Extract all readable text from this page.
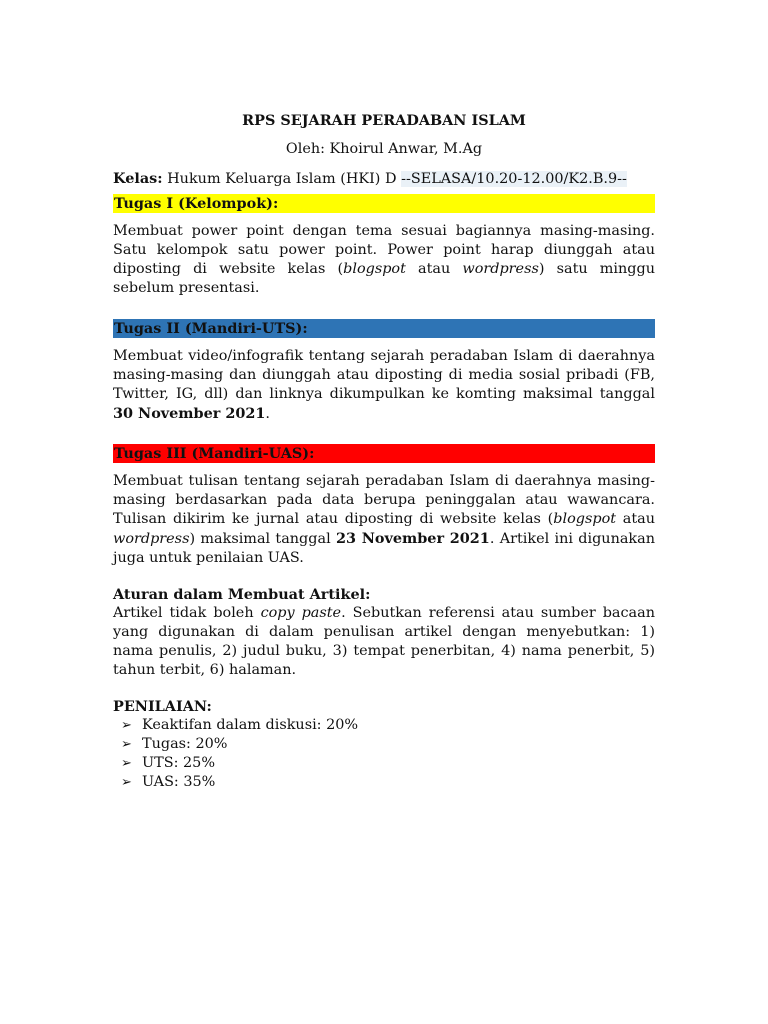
RPS SEJARAH PERADABAN ISLAM
Oleh: Khoirul Anwar, M.Ag
Kelas: Hukum Keluarga Islam (HKI) D --SELASA/10.20-12.00/K2.B.9--
Tugas I (Kelompok):

Membuat power point dengan tema sesuai bagiannya masing-masing. Satu kelompok satu power point. Power point harap diunggah atau diposting di website kelas (blogspot atau wordpress) satu minggu sebelum presentasi.

Tugas II (Mandiri-UTS):

Membuat video/infografik tentang sejarah peradaban Islam di daerahnya masing-masing dan diunggah atau diposting di media sosial pribadi (FB, Twitter, IG, dll) dan linknya dikumpulkan ke komting maksimal tanggal 30 November 2021.

Tugas III (Mandiri-UAS):

Membuat tulisan tentang sejarah peradaban Islam di daerahnya masing-masing berdasarkan pada data berupa peninggalan atau wawancara. Tulisan dikirim ke jurnal atau diposting di website kelas (blogspot atau wordpress) maksimal tanggal 23 November 2021. Artikel ini digunakan juga untuk penilaian UAS.

Aturan dalam Membuat Artikel:

Artikel tidak boleh copy paste. Sebutkan referensi atau sumber bacaan yang digunakan di dalam penulisan artikel dengan menyebutkan: 1) nama penulis, 2) judul buku, 3) tempat penerbitan, 4) nama penerbit, 5) tahun terbit, 6) halaman.

PENILAIAN:
➢ Keaktifan dalam diskusi: 20%
➢ Tugas: 20%
➢ UTS: 25%
➢ UAS: 35%
